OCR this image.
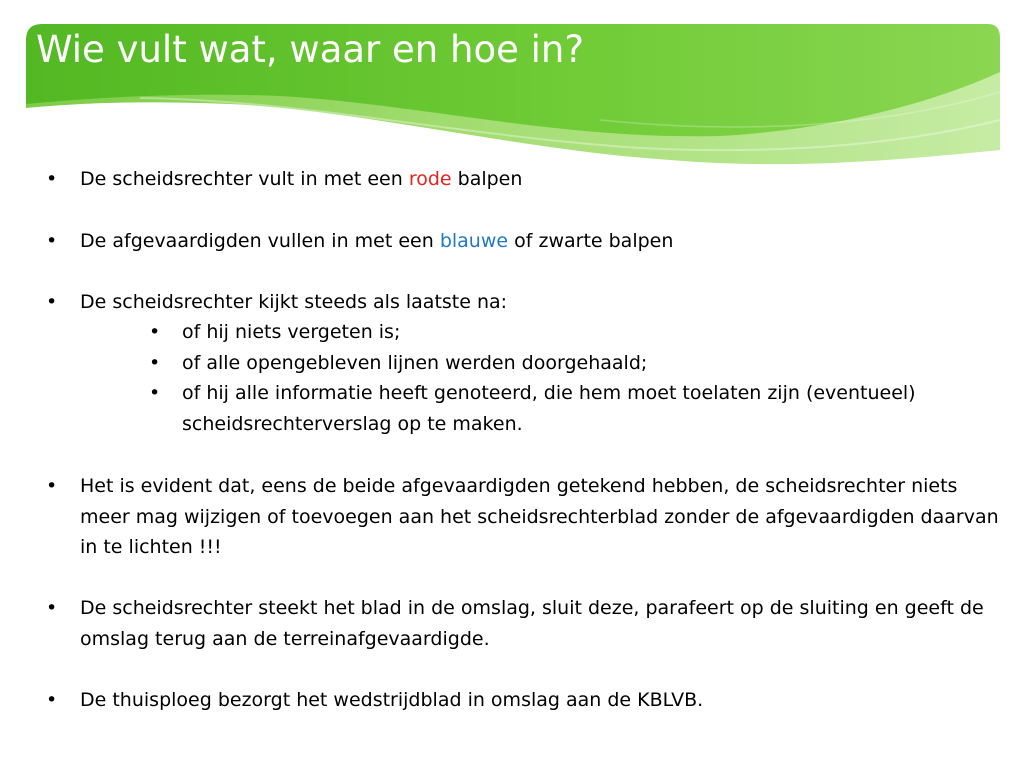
Wie vult wat, waar en hoe in?

• De scheidsrechter vult in met een rode balpen

• De afgevaardigden vullen in met een blauwe of zwarte balpen

• De scheidsrechter kijkt steeds als laatste na:

• of hij niets vergeten is;

• of alle opengebleven lijnen werden doorgehaald;

• of hij alle informatie heeft genoteerd, die hem moet toelaten zijn (eventueel) scheidsrechterverslag op te maken.

• Het is evident dat, eens de beide afgevaardigden getekend hebben, de scheidsrechter niets meer mag wijzigen of toevoegen aan het scheidsrechterblad zonder de afgevaardigden daarvan in te lichten !!!

• De scheidsrechter steekt het blad in de omslag, sluit deze, parafeert op de sluiting en geeft de omslag terug aan de terreinafgevaardigde.

• De thuisploeg bezorgt het wedstrijdblad in omslag aan de KBLVB.
